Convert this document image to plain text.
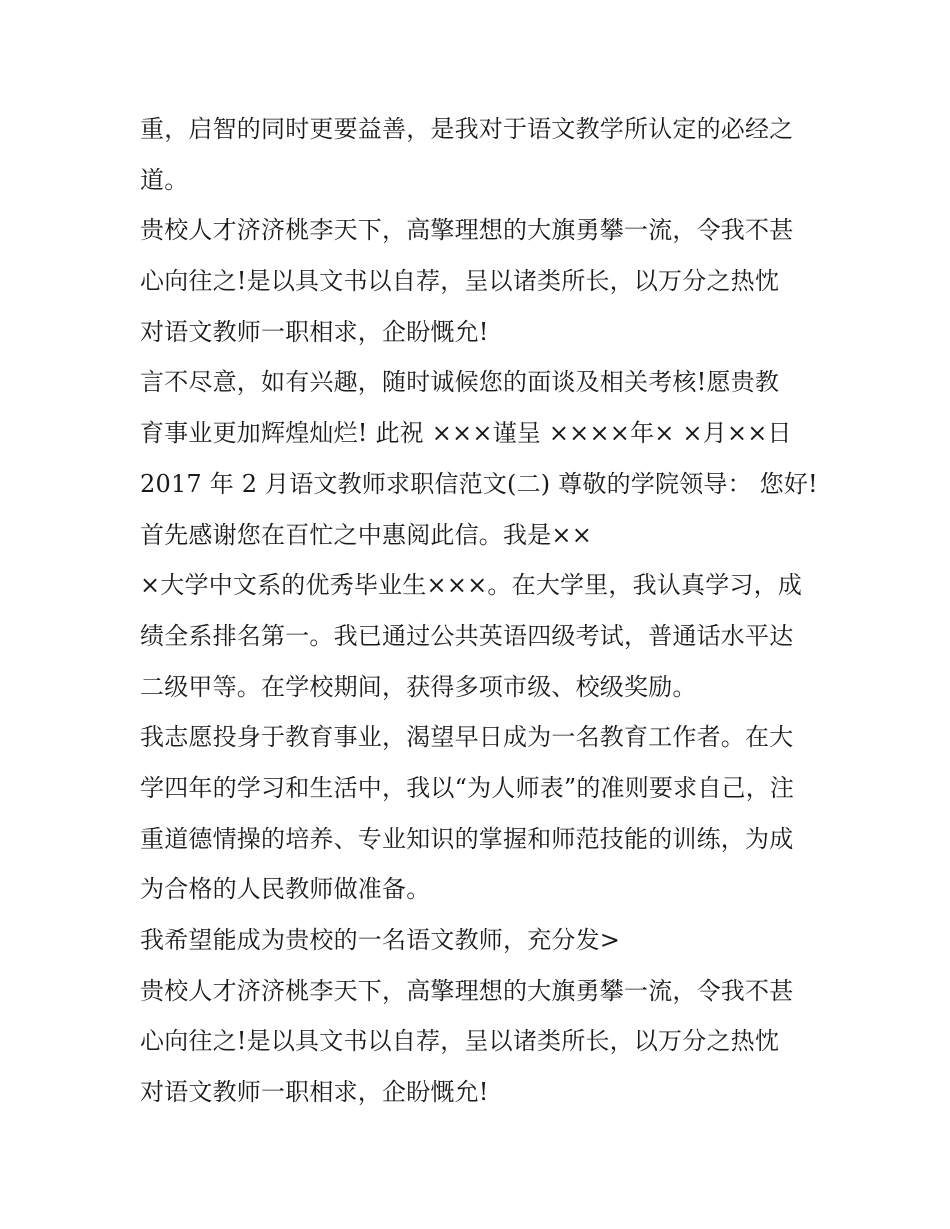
重，启智的同时更要益善，是我对于语文教学所认定的必经之
道。
贵校人才济济桃李天下，高擎理想的大旗勇攀一流，令我不甚
心向往之!是以具文书以自荐，呈以诸类所长，以万分之热忱
对语文教师一职相求，企盼慨允!
言不尽意，如有兴趣，随时诚候您的面谈及相关考核!愿贵教
育事业更加辉煌灿烂! 此祝 ×××谨呈 ××××年× ×月××日
2017 年 2 月语文教师求职信范文(二) 尊敬的学院领导： 您好!
首先感谢您在百忙之中惠阅此信。我是××
×大学中文系的优秀毕业生×××。在大学里，我认真学习，成
绩全系排名第一。我已通过公共英语四级考试，普通话水平达
二级甲等。在学校期间，获得多项市级、校级奖励。
我志愿投身于教育事业，渴望早日成为一名教育工作者。在大
学四年的学习和生活中，我以“为人师表”的准则要求自己，注
重道德情操的培养、专业知识的掌握和师范技能的训练，为成
为合格的人民教师做准备。
我希望能成为贵校的一名语文教师，充分发>
贵校人才济济桃李天下，高擎理想的大旗勇攀一流，令我不甚
心向往之!是以具文书以自荐，呈以诸类所长，以万分之热忱
对语文教师一职相求，企盼慨允!
